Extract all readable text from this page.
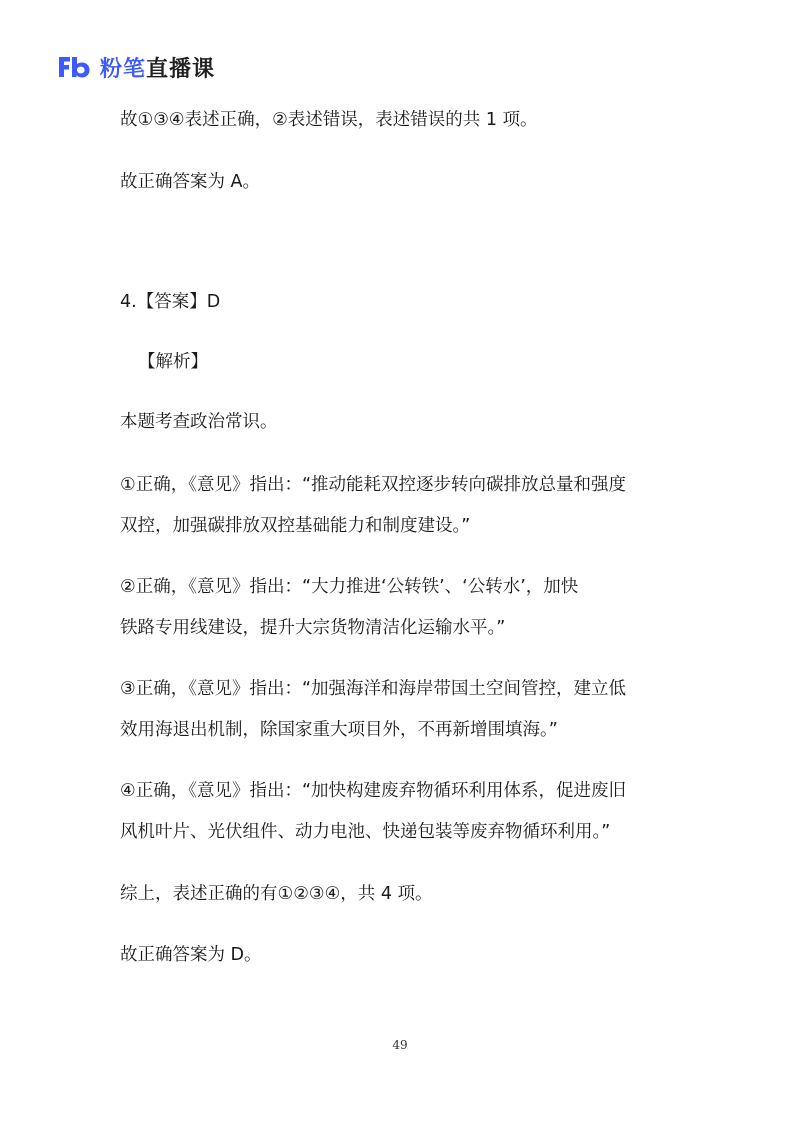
粉笔直播课
故①③④表述正确，②表述错误，表述错误的共 1 项。
故正确答案为 A。
4.【答案】D
【解析】
本题考查政治常识。
①正确，《意见》指出：“推动能耗双控逐步转向碳排放总量和强度
双控，加强碳排放双控基础能力和制度建设。”
②正确，《意见》指出：“大力推进‘公转铁’、‘公转水’，加快
铁路专用线建设，提升大宗货物清洁化运输水平。”
③正确，《意见》指出：“加强海洋和海岸带国土空间管控，建立低
效用海退出机制，除国家重大项目外，不再新增围填海。”
④正确，《意见》指出：“加快构建废弃物循环利用体系，促进废旧
风机叶片、光伏组件、动力电池、快递包装等废弃物循环利用。”
综上，表述正确的有①②③④，共 4 项。
故正确答案为 D。
49
